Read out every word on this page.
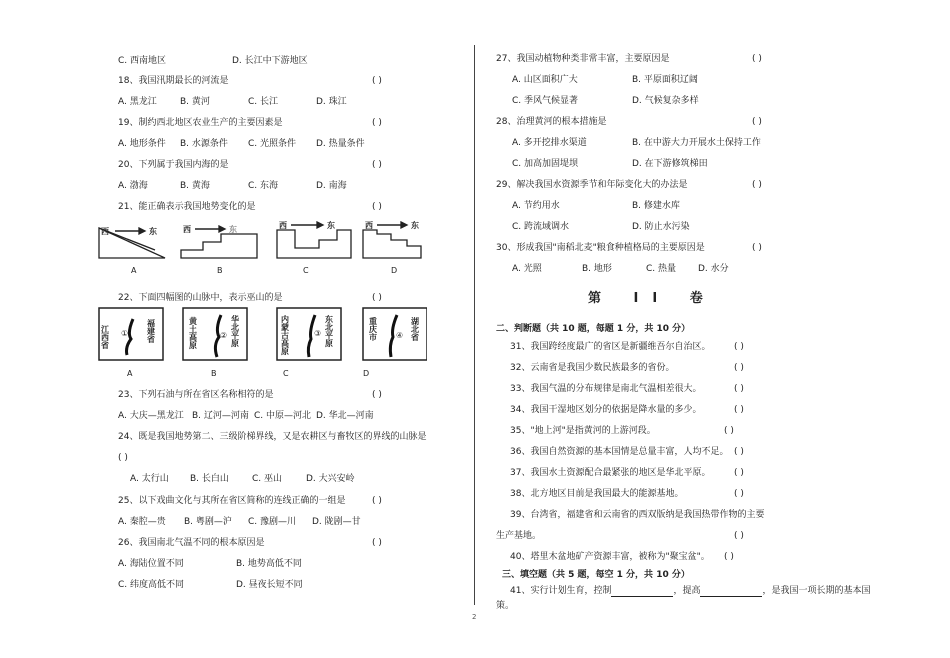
C. 西南地区	D. 长江中下游地区
18、我国汛期最长的河流是	( )
A. 黑龙江	B. 黄河	C. 长江	D. 珠江
19、制约西北地区农业生产的主要因素是	( )
A. 地形条件 B. 水源条件 C. 光照条件 D. 热量条件
20、下列属于我国内海的是	( )
A. 渤海	B. 黄海	C. 东海	D. 南海
21、能正确表示我国地势变化的是	( )
西	东	西	东	西	东	西	东
A	B	C	D
22、下面四幅图的山脉中，表示巫山的是	( )
江西省	福建省
①	黄土高原	华北平原
②	内蒙古高原	东北平原
③	重庆市	湖北省
④
A	B	C	D
23、下列石油与所在省区名称相符的是	( )
A. 大庆—黑龙江 B. 辽河—河南 C. 中原—河北 D. 华北—河南
24、既是我国地势第二、三级阶梯界线，又是农耕区与畜牧区的界线的山脉是
( )
A. 太行山 B. 长白山	C. 巫山	D. 大兴安岭
25、以下戏曲文化与其所在省区简称的连线正确的一组是	( )
A. 秦腔—贵 B. 粤剧—沪 C. 豫剧—川 D. 陇剧—甘
26、我国南北气温不同的根本原因是	( )
A. 海陆位置不同	B. 地势高低不同
C. 纬度高低不同	D. 昼夜长短不同
27、我国动植物种类非常丰富，主要原因是	( )
A. 山区面积广大	B. 平原面积辽阔
C. 季风气候显著	D. 气候复杂多样
28、治理黄河的根本措施是	( )
A. 多开挖排水渠道	B. 在中游大力开展水土保持工作
C. 加高加固堤坝	D. 在下游修筑梯田
29、解决我国水资源季节和年际变化大的办法是	( )
A. 节约用水	B. 修建水库
C. 跨流域调水	D. 防止水污染
30、形成我国"南稻北麦"粮食种植格局的主要原因是	( )
A. 光照	B. 地形	C. 热量 D. 水分
第 II 卷
二、判断题（共 10 题，每题 1 分，共 10 分）
31、我国跨经度最广的省区是新疆维吾尔自治区。	( )
32、云南省是我国少数民族最多的省份。	( )
33、我国气温的分布规律是南北气温相差很大。	( )
34、我国干湿地区划分的依据是降水量的多少。	( )
35、"地上河"是指黄河的上游河段。	( )
36、我国自然资源的基本国情是总量丰富，人均不足。 ( )
37、我国水土资源配合最紧张的地区是华北平原。	( )
38、北方地区目前是我国最大的能源基地。	( )
39、台湾省，福建省和云南省的西双版纳是我国热带作物的主要
生产基地。	( )
40、塔里木盆地矿产资源丰富，被称为"聚宝盆"。 ( )
三、填空题（共 5 题，每空 1 分，共 10 分）
41、实行计划生育，控制	，提高	，是我国一项长期的基本国
策。
2
